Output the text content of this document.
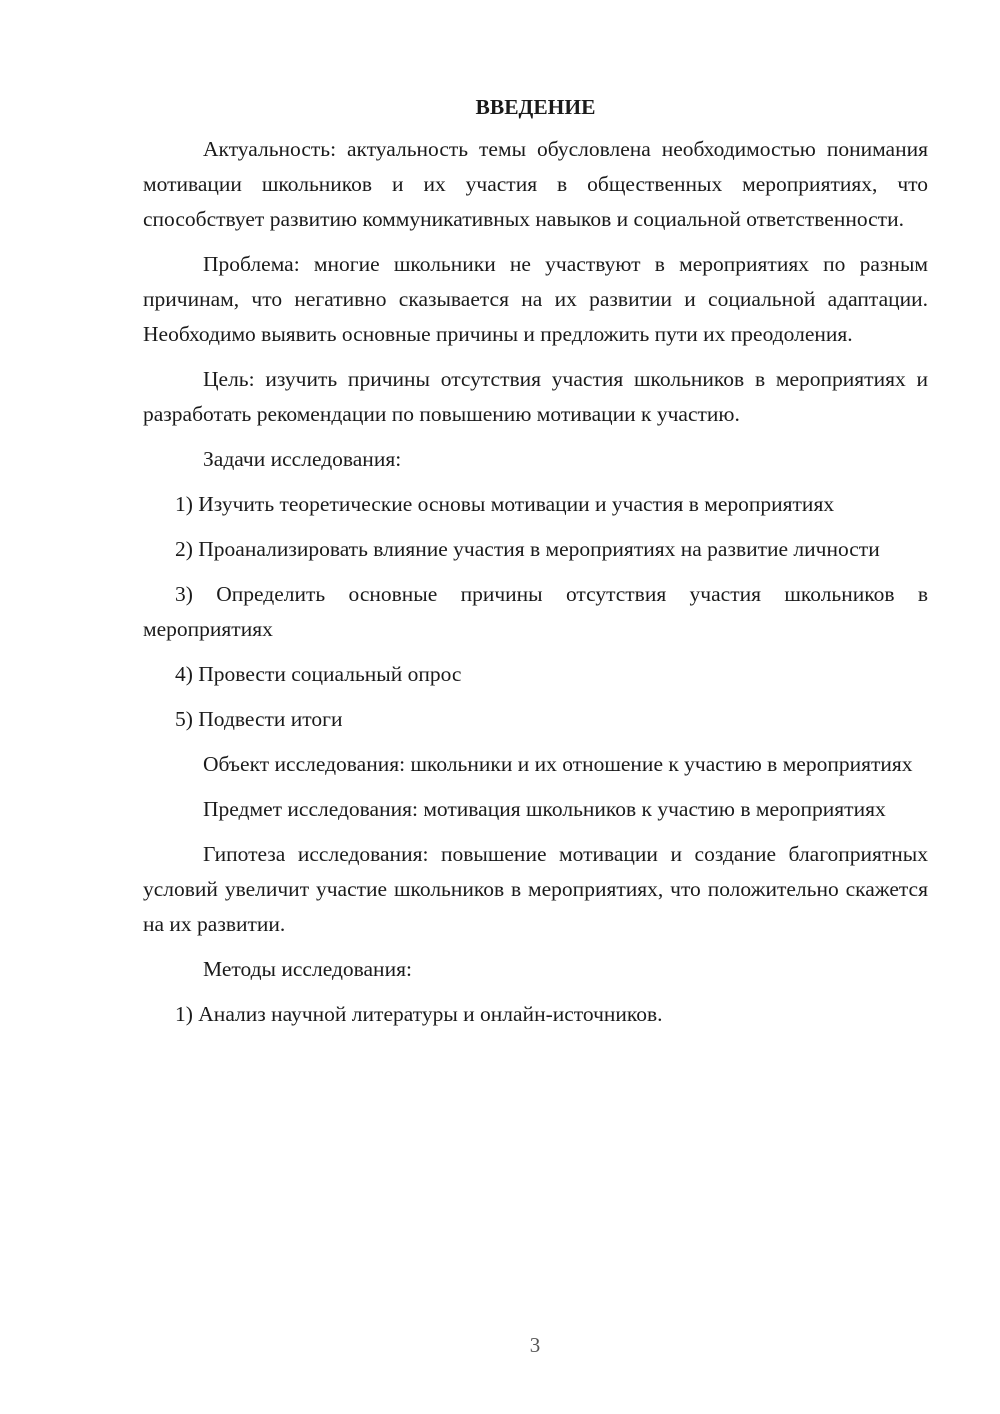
ВВЕДЕНИЕ

Актуальность: актуальность темы обусловлена необходимостью понимания мотивации школьников и их участия в общественных мероприятиях, что способствует развитию коммуникативных навыков и социальной ответственности.

Проблема: многие школьники не участвуют в мероприятиях по разным причинам, что негативно сказывается на их развитии и социальной адаптации. Необходимо выявить основные причины и предложить пути их преодоления.

Цель: изучить причины отсутствия участия школьников в мероприятиях и разработать рекомендации по повышению мотивации к участию.

Задачи исследования:

1) Изучить теоретические основы мотивации и участия в мероприятиях

2) Проанализировать влияние участия в мероприятиях на развитие личности

3) Определить основные причины отсутствия участия школьников в мероприятиях

4) Провести социальный опрос

5) Подвести итоги

Объект исследования: школьники и их отношение к участию в мероприятиях

Предмет исследования: мотивация школьников к участию в мероприятиях

Гипотеза исследования: повышение мотивации и создание благоприятных условий увеличит участие школьников в мероприятиях, что положительно скажется на их развитии.

Методы исследования:

1) Анализ научной литературы и онлайн-источников.

3
